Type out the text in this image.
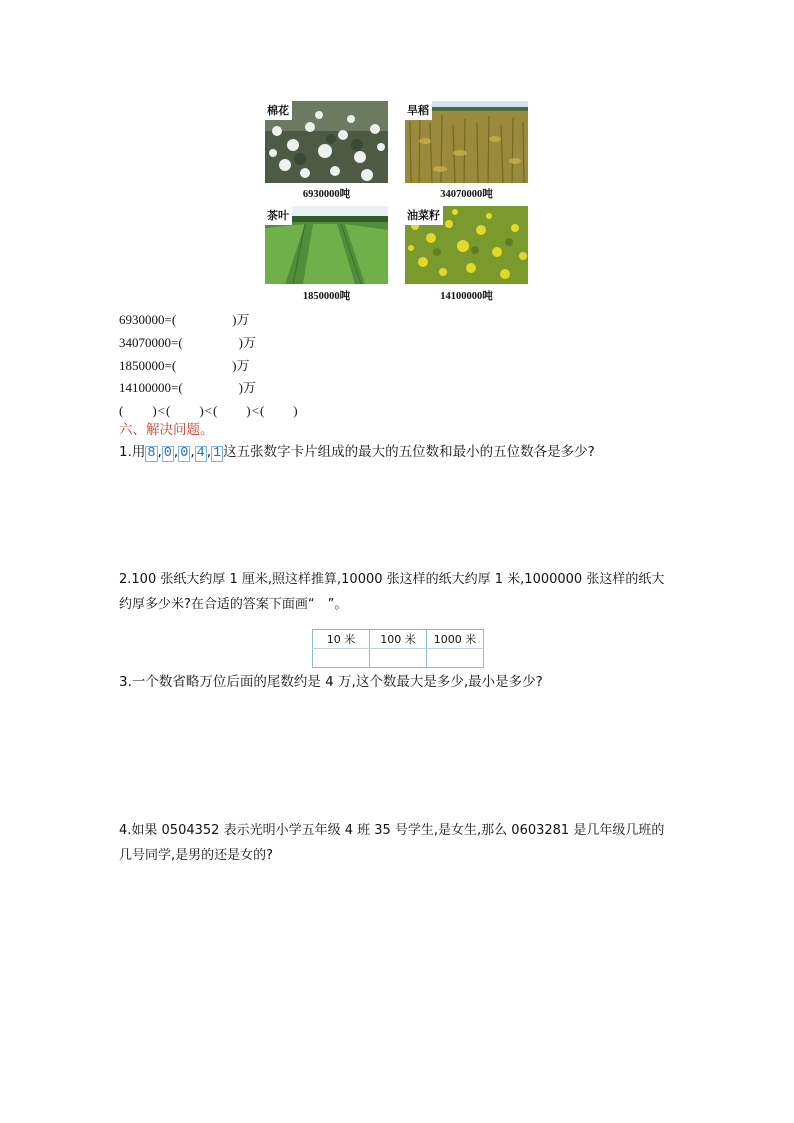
棉花
6930000吨
旱稻
34070000吨
茶叶
1850000吨
油菜籽
14100000吨
6930000=(	)万
34070000=(	)万
1850000=(	)万
14100000=(	)万
(　　)<(　　)<(　　)<(　　)
六、解决问题。
1.用 8 , 0 , 0 , 4 , 1 这五张数字卡片组成的最大的五位数和最小的五位数各是多少?
2.100 张纸大约厚 1 厘米,照这样推算,10000 张这样的纸大约厚 1 米,1000000 张这样的纸大
约厚多少米?在合适的答案下面画“　”。
10 米	100 米	1000 米

3.一个数省略万位后面的尾数约是 4 万,这个数最大是多少,最小是多少?
4.如果 0504352 表示光明小学五年级 4 班 35 号学生,是女生,那么 0603281 是几年级几班的
几号同学,是男的还是女的?
